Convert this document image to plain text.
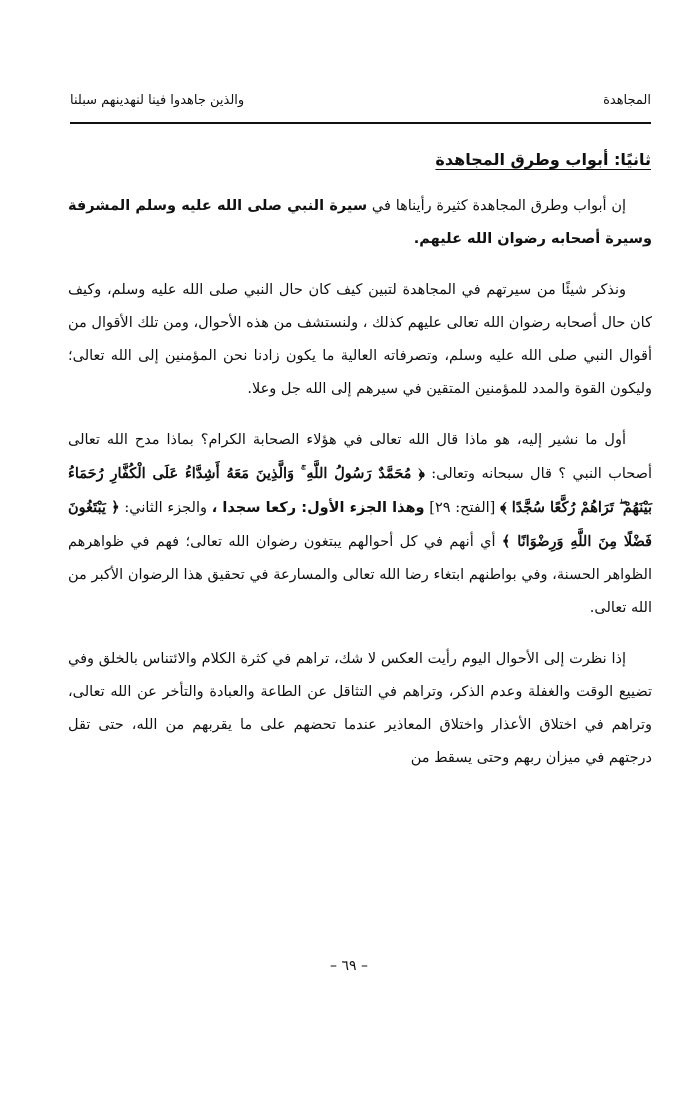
المجاهدة
والذين جاهدوا فينا لنهدينهم سبلنا
ثانيًا: أبواب وطرق المجاهدة

إن أبواب وطرق المجاهدة كثيرة رأيناها في سيرة النبي صلى الله عليه وسلم المشرفة وسيرة أصحابه رضوان الله عليهم.

ونذكر شيئًا من سيرتهم في المجاهدة لتبين كيف كان حال النبي صلى الله عليه وسلم، وكيف كان حال أصحابه رضوان الله تعالى عليهم كذلك ، ولنستشف من هذه الأحوال، ومن تلك الأقوال من أقوال النبي صلى الله عليه وسلم، وتصرفاته العالية ما يكون زادنا نحن المؤمنين إلى الله تعالى؛ وليكون القوة والمدد للمؤمنين المتقين في سيرهم إلى الله جل وعلا.

أول ما نشير إليه، هو ماذا قال الله تعالى في هؤلاء الصحابة الكرام؟ بماذا مدح الله تعالى أصحاب النبي ؟ قال سبحانه وتعالى: ﴿ مُحَمَّدٌ رَسُولُ اللَّهِ ۚ وَالَّذِينَ مَعَهُ أَشِدَّاءُ عَلَى الْكُفَّارِ رُحَمَاءُ بَيْنَهُمْ ۖ تَرَاهُمْ رُكَّعًا سُجَّدًا ﴾ [الفتح: ٢٩] وهذا الجزء الأول: ركعا سجدا ، والجزء الثاني: ﴿ يَبْتَغُونَ فَضْلًا مِنَ اللَّهِ وَرِضْوَانًا ﴾ أي أنهم في كل أحوالهم يبتغون رضوان الله تعالى؛ فهم في ظواهرهم الظواهر الحسنة، وفي بواطنهم ابتغاء رضا الله تعالى والمسارعة في تحقيق هذا الرضوان الأكبر من الله تعالى.

إذا نظرت إلى الأحوال اليوم رأيت العكس لا شك، تراهم في كثرة الكلام والائتناس بالخلق وفي تضييع الوقت والغفلة وعدم الذكر، وتراهم في التثاقل عن الطاعة والعبادة والتأخر عن الله تعالى، وتراهم في اختلاق الأعذار واختلاق المعاذير عندما تحضهم على ما يقربهم من الله، حتى تقل درجتهم في ميزان ربهم وحتى يسقط من

– ٦٩ –
